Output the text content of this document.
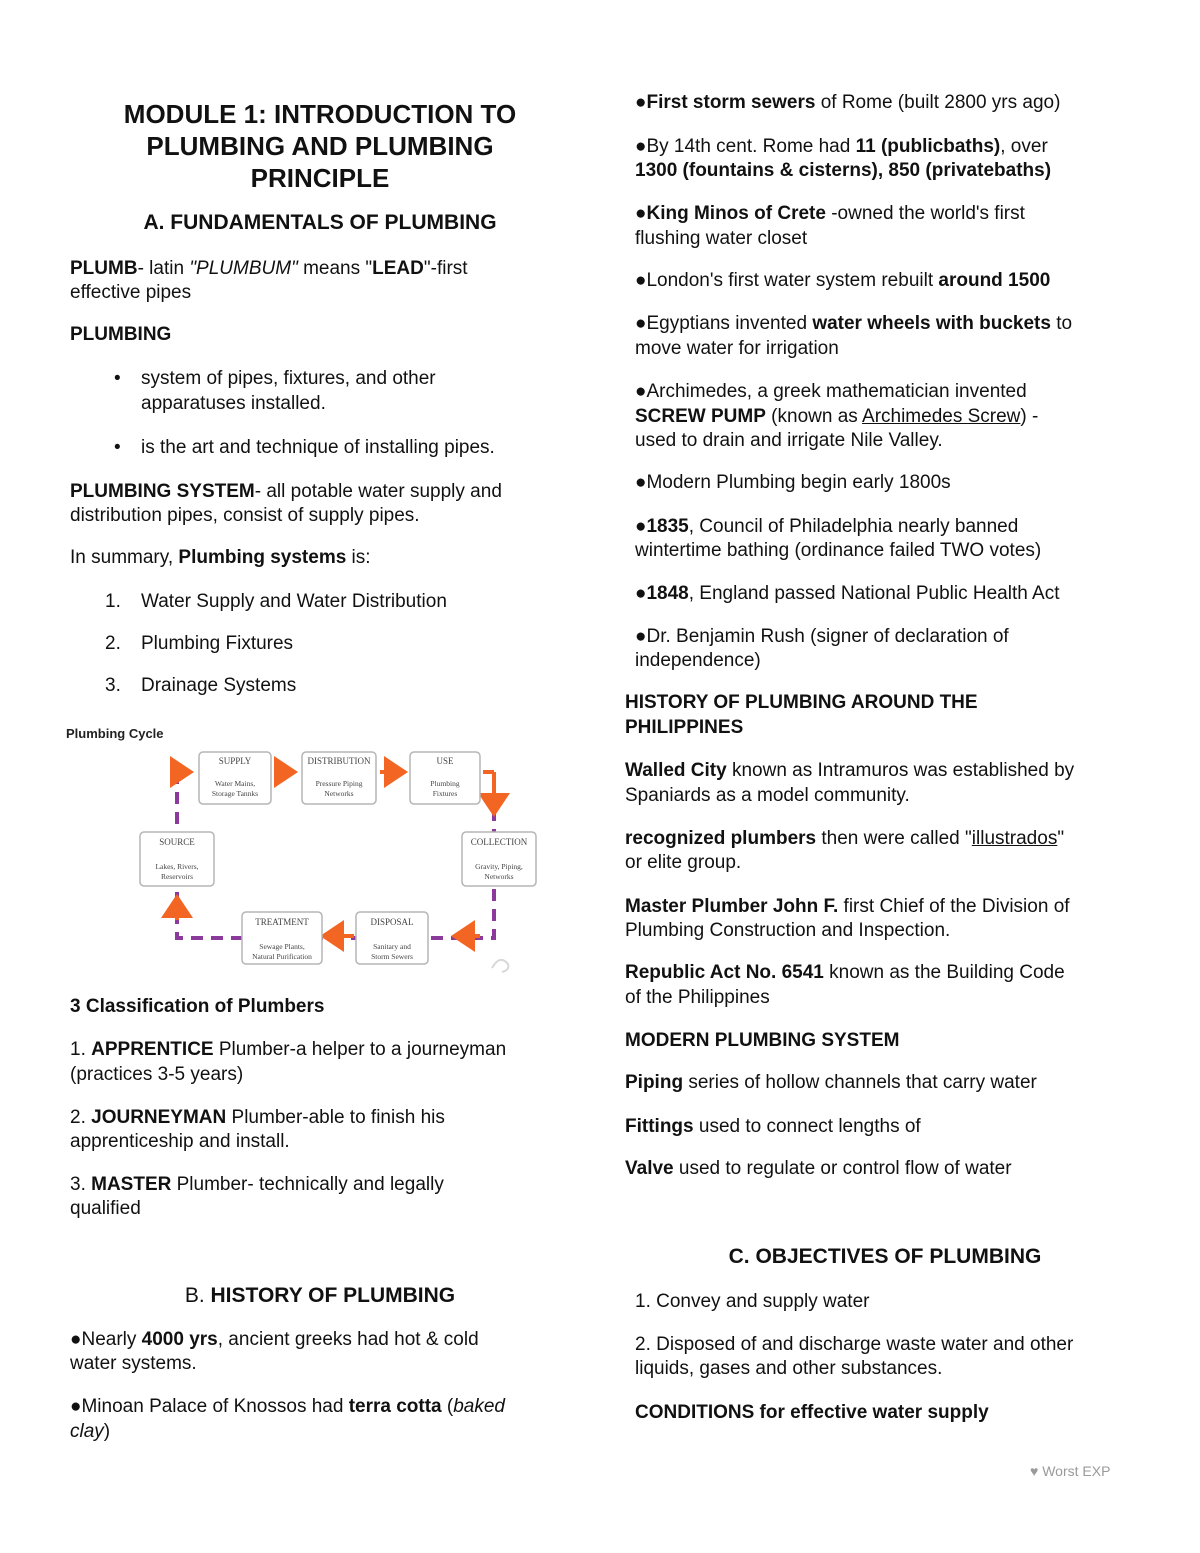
MODULE 1: INTRODUCTION TO
PLUMBING AND PLUMBING
PRINCIPLE
A. FUNDAMENTALS OF PLUMBING
PLUMB- latin "PLUMBUM" means "LEAD"-first
effective pipes
PLUMBING
• system of pipes, fixtures, and other
apparatuses installed.
• is the art and technique of installing pipes.
PLUMBING SYSTEM- all potable water supply and
distribution pipes, consist of supply pipes.
In summary, Plumbing systems is:
1. Water Supply and Water Distribution
2. Plumbing Fixtures
3. Drainage Systems
Plumbing Cycle
SUPPLY
Water Mains,
Storage Tannks
DISTRIBUTION
Pressure Piping
Networks
USE
Plumbing
Fixtures
COLLECTION
Gravity, Piping,
Networks
DISPOSAL
Sanitary and
Storm Sewers
TREATMENT
Sewage Plants,
Natural Purification
SOURCE
Lakes, Rivers,
Reservoirs
3 Classification of Plumbers
1. APPRENTICE Plumber-a helper to a journeyman
(practices 3-5 years)
2. JOURNEYMAN Plumber-able to finish his
apprenticeship and install.
3. MASTER Plumber- technically and legally
qualified
B. HISTORY OF PLUMBING
●Nearly 4000 yrs, ancient greeks had hot & cold
water systems.
●Minoan Palace of Knossos had terra cotta (baked
clay)
●First storm sewers of Rome (built 2800 yrs ago)
●By 14th cent. Rome had 11 (publicbaths), over
1300 (fountains & cisterns), 850 (privatebaths)
●King Minos of Crete -owned the world's first
flushing water closet
●London's first water system rebuilt around 1500
●Egyptians invented water wheels with buckets to
move water for irrigation
●Archimedes, a greek mathematician invented
SCREW PUMP (known as Archimedes Screw) -
used to drain and irrigate Nile Valley.
●Modern Plumbing begin early 1800s
●1835, Council of Philadelphia nearly banned
wintertime bathing (ordinance failed TWO votes)
●1848, England passed National Public Health Act
●Dr. Benjamin Rush (signer of declaration of
independence)
HISTORY OF PLUMBING AROUND THE
PHILIPPINES
Walled City known as Intramuros was established by
Spaniards as a model community.
recognized plumbers then were called "illustrados"
or elite group.
Master Plumber John F. first Chief of the Division of
Plumbing Construction and Inspection.
Republic Act No. 6541 known as the Building Code
of the Philippines
MODERN PLUMBING SYSTEM
Piping series of hollow channels that carry water
Fittings used to connect lengths of
Valve used to regulate or control flow of water
C. OBJECTIVES OF PLUMBING
1. Convey and supply water
2. Disposed of and discharge waste water and other
liquids, gases and other substances.
CONDITIONS for effective water supply
♥ Worst EXP
